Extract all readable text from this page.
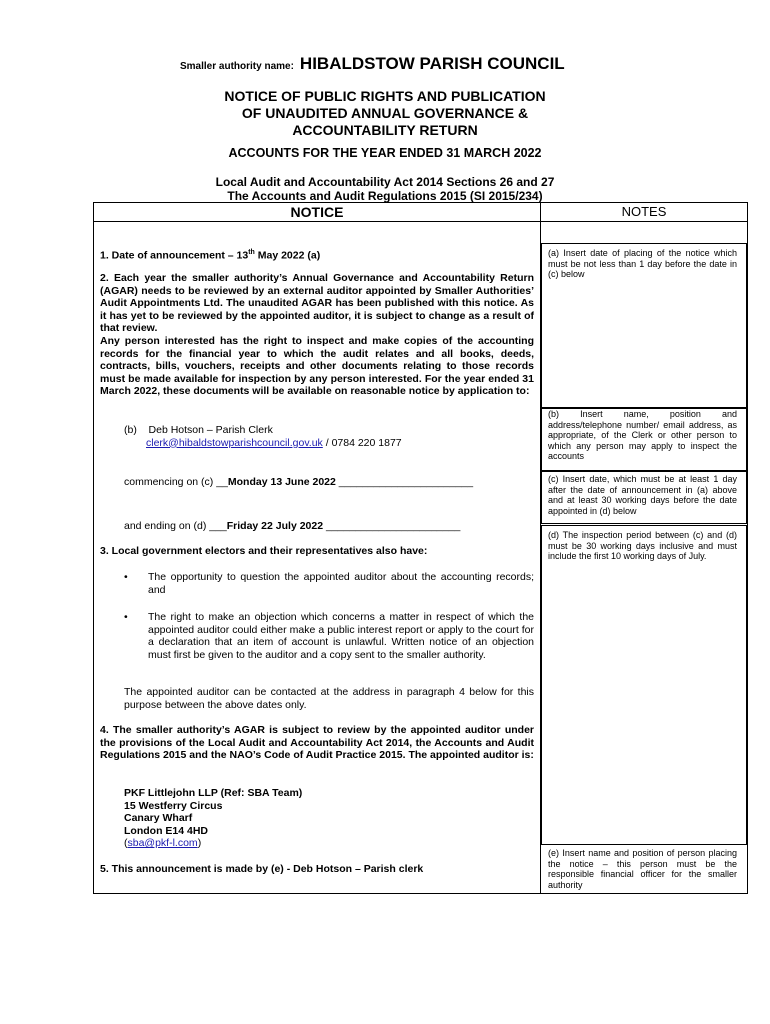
Smaller authority name: HIBALDSTOW PARISH COUNCIL
NOTICE OF PUBLIC RIGHTS AND PUBLICATION
OF UNAUDITED ANNUAL GOVERNANCE &
ACCOUNTABILITY RETURN
ACCOUNTS FOR THE YEAR ENDED 31 MARCH 2022
Local Audit and Accountability Act 2014 Sections 26 and 27
The Accounts and Audit Regulations 2015 (SI 2015/234)
NOTICE	NOTES
1. Date of announcement – 13th May 2022 (a)
2. Each year the smaller authority’s Annual Governance and Accountability Return (AGAR) needs to be reviewed by an external auditor appointed by Smaller Authorities’ Audit Appointments Ltd. The unaudited AGAR has been published with this notice. As it has yet to be reviewed by the appointed auditor, it is subject to change as a result of that review.
Any person interested has the right to inspect and make copies of the accounting records for the financial year to which the audit relates and all books, deeds, contracts, bills, vouchers, receipts and other documents relating to those records must be made available for inspection by any person interested. For the year ended 31 March 2022, these documents will be available on reasonable notice by application to:
(b) Deb Hotson – Parish Clerk
clerk@hibaldstowparishcouncil.gov.uk / 0784 220 1877
commencing on (c) __Monday 13 June 2022 _______________________
and ending on (d) ___Friday 22 July 2022 _______________________
3. Local government electors and their representatives also have:
• The opportunity to question the appointed auditor about the accounting records; and
• The right to make an objection which concerns a matter in respect of which the appointed auditor could either make a public interest report or apply to the court for a declaration that an item of account is unlawful. Written notice of an objection must first be given to the auditor and a copy sent to the smaller authority.
The appointed auditor can be contacted at the address in paragraph 4 below for this purpose between the above dates only.
4. The smaller authority’s AGAR is subject to review by the appointed auditor under the provisions of the Local Audit and Accountability Act 2014, the Accounts and Audit Regulations 2015 and the NAO’s Code of Audit Practice 2015. The appointed auditor is:
PKF Littlejohn LLP (Ref: SBA Team)
15 Westferry Circus
Canary Wharf
London E14 4HD
(sba@pkf-l.com)
5. This announcement is made by (e) - Deb Hotson – Parish clerk
(a) Insert date of placing of the notice which must be not less than 1 day before the date in (c) below
(b) Insert name, position and address/telephone number/ email address, as appropriate, of the Clerk or other person to which any person may apply to inspect the accounts
(c) Insert date, which must be at least 1 day after the date of announcement in (a) above and at least 30 working days before the date appointed in (d) below
(d) The inspection period between (c) and (d) must be 30 working days inclusive and must include the first 10 working days of July.
(e) Insert name and position of person placing the notice – this person must be the responsible financial officer for the smaller authority
